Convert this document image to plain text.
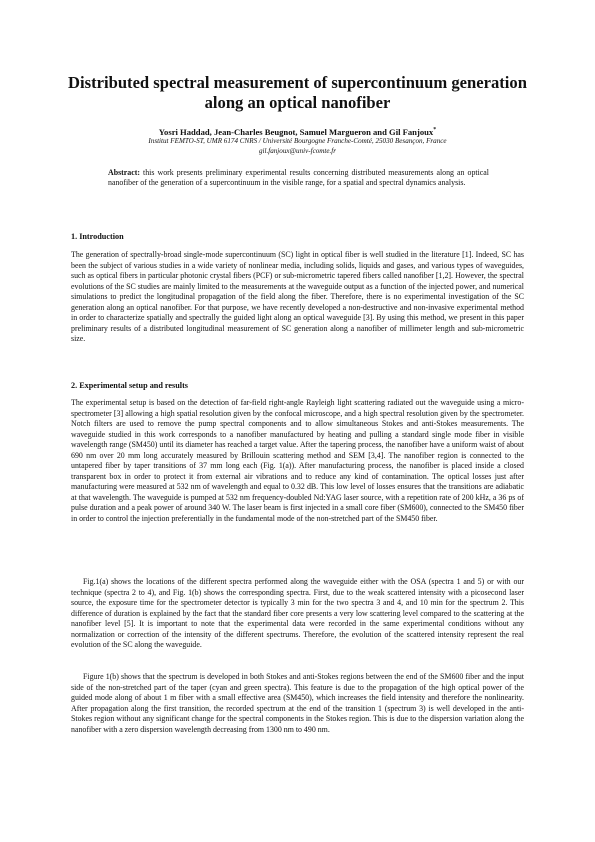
Distributed spectral measurement of supercontinuum generation along an optical nanofiber
Yosri Haddad, Jean-Charles Beugnot, Samuel Margueron and Gil Fanjoux*
Institut FEMTO-ST, UMR 6174 CNRS / Université Bourgogne Franche-Comté, 25030 Besançon, France
gil.fanjoux@univ-fcomte.fr
Abstract: this work presents preliminary experimental results concerning distributed measurements along an optical nanofiber of the generation of a supercontinuum in the visible range, for a spatial and spectral dynamics analysis.
1. Introduction

The generation of spectrally-broad single-mode supercontinuum (SC) light in optical fiber is well studied in the literature [1]. Indeed, SC has been the subject of various studies in a wide variety of nonlinear media, including solids, liquids and gases, and various types of waveguides, such as optical fibers in particular photonic crystal fibers (PCF) or sub-micrometric tapered fibers called nanofiber [1,2]. However, the spectral evolutions of the SC studies are mainly limited to the measurements at the waveguide output as a function of the injected power, and numerical simulations to predict the longitudinal propagation of the field along the fiber. Therefore, there is no experimental investigation of the SC generation along an optical nanofiber. For that purpose, we have recently developed a non-destructive and non-invasive experimental method in order to characterize spatially and spectrally the guided light along an optical waveguide [3]. By using this method, we present in this paper preliminary results of a distributed longitudinal measurement of SC generation along a nanofiber of millimeter length and sub-micrometric size.

2. Experimental setup and results

The experimental setup is based on the detection of far-field right-angle Rayleigh light scattering radiated out the waveguide using a micro-spectrometer [3] allowing a high spatial resolution given by the confocal microscope, and a high spectral resolution given by the spectrometer. Notch filters are used to remove the pump spectral components and to allow simultaneous Stokes and anti-Stokes measurements. The waveguide studied in this work corresponds to a nanofiber manufactured by heating and pulling a standard single mode fiber in visible wavelength range (SM450) until its diameter has reached a target value. After the tapering process, the nanofiber have a uniform waist of about 690 nm over 20 mm long accurately measured by Brillouin scattering method and SEM [3,4]. The nanofiber region is connected to the untapered fiber by taper transitions of 37 mm long each (Fig. 1(a)). After manufacturing process, the nanofiber is placed inside a closed transparent box in order to protect it from external air vibrations and to reduce any kind of contamination. The optical losses just after manufacturing were measured at 532 nm of wavelength and equal to 0.32 dB. This low level of losses ensures that the transitions are adiabatic at that wavelength. The waveguide is pumped at 532 nm frequency-doubled Nd:YAG laser source, with a repetition rate of 200 kHz, a 36 ps of pulse duration and a peak power of around 340 W. The laser beam is first injected in a small core fiber (SM600), connected to the SM450 fiber in order to control the injection preferentially in the fundamental mode of the non-stretched part of the SM450 fiber.

Fig.1(a) shows the locations of the different spectra performed along the waveguide either with the OSA (spectra 1 and 5) or with our technique (spectra 2 to 4), and Fig. 1(b) shows the corresponding spectra. First, due to the weak scattered intensity with a picosecond laser source, the exposure time for the spectrometer detector is typically 3 min for the two spectra 3 and 4, and 10 min for the spectrum 2. This difference of duration is explained by the fact that the standard fiber core presents a very low scattering level compared to the scattering at the nanofiber level [5]. It is important to note that the experimental data were recorded in the same experimental conditions without any normalization or correction of the intensity of the different spectrums. Therefore, the evolution of the scattered intensity represent the real evolution of the SC along the waveguide.

Figure 1(b) shows that the spectrum is developed in both Stokes and anti-Stokes regions between the end of the SM600 fiber and the input side of the non-stretched part of the taper (cyan and green spectra). This feature is due to the propagation of the high optical power of the guided mode along of about 1 m fiber with a small effective area (SM450), which increases the field intensity and therefore the nonlinearity. After propagation along the first transition, the recorded spectrum at the end of the transition 1 (spectrum 3) is well developed in the anti-Stokes region without any significant change for the spectral components in the Stokes region. This is due to the dispersion variation along the nanofiber with a zero dispersion wavelength decreasing from 1300 nm to 490 nm.
